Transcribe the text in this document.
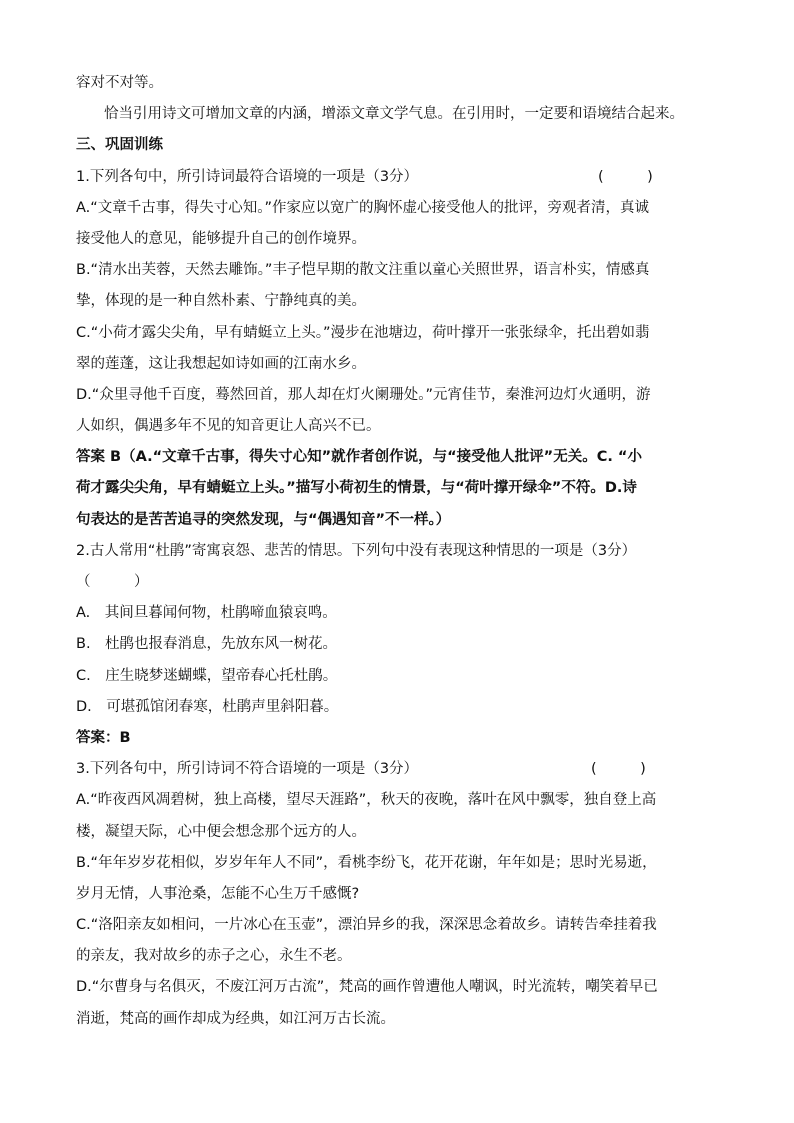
容对不对等。
恰当引用诗文可增加文章的内涵，增添文章文学气息。在引用时，一定要和语境结合起来。
三、巩固训练
1.下列各句中，所引诗词最符合语境的一项是（3分）	(　　　)
A.“文章千古事，得失寸心知。”作家应以宽广的胸怀虚心接受他人的批评，旁观者清，真诚
接受他人的意见，能够提升自己的创作境界。
B.“清水出芙蓉，天然去雕饰。”丰子恺早期的散文注重以童心关照世界，语言朴实，情感真
挚，体现的是一种自然朴素、宁静纯真的美。
C.“小荷才露尖尖角，早有蜻蜓立上头。”漫步在池塘边，荷叶撑开一张张绿伞，托出碧如翡
翠的莲蓬，这让我想起如诗如画的江南水乡。
D.“众里寻他千百度，蓦然回首，那人却在灯火阑珊处。”元宵佳节，秦淮河边灯火通明，游
人如织，偶遇多年不见的知音更让人高兴不已。
答案 B（A.“文章千古事，得失寸心知”就作者创作说，与“接受他人批评”无关。C. “小
荷才露尖尖角，早有蜻蜓立上头。”描写小荷初生的情景，与“荷叶撑开绿伞”不符。D.诗
句表达的是苦苦追寻的突然发现，与“偶遇知音”不一样。）
2.古人常用“杜鹃”寄寓哀怨、悲苦的情思。下列句中没有表现这种情思的一项是（3分）
（　　　）
A.　其间旦暮闻何物，杜鹃啼血猿哀鸣。
B.　杜鹃也报春消息，先放东风一树花。
C.　庄生晓梦迷蝴蝶，望帝春心托杜鹃。
D.　可堪孤馆闭春寒，杜鹃声里斜阳暮。
答案：B
3.下列各句中，所引诗词不符合语境的一项是（3分）	(　　　)
A.“昨夜西风凋碧树，独上高楼，望尽天涯路”，秋天的夜晚，落叶在风中飘零，独自登上高
楼，凝望天际，心中便会想念那个远方的人。
B.“年年岁岁花相似，岁岁年年人不同”，看桃李纷飞，花开花谢，年年如是；思时光易逝，
岁月无情，人事沧桑，怎能不心生万千感慨?
C.“洛阳亲友如相问，一片冰心在玉壶”，漂泊异乡的我，深深思念着故乡。请转告牵挂着我
的亲友，我对故乡的赤子之心，永生不老。
D.“尔曹身与名俱灭，不废江河万古流”，梵高的画作曾遭他人嘲讽，时光流转，嘲笑着早已
消逝，梵高的画作却成为经典，如江河万古长流。
